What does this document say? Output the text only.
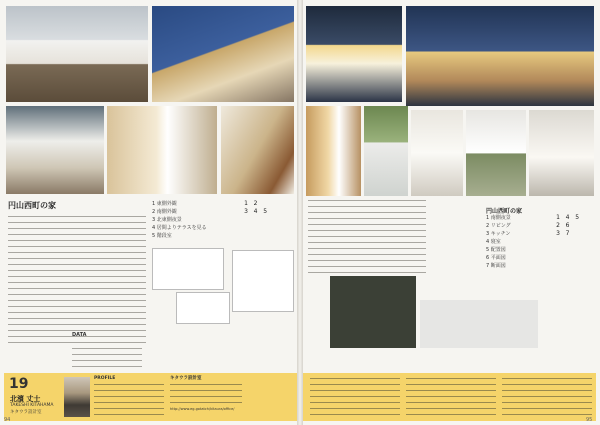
円山西町の家	1 東側外観
2 南側外観
3 北東側夜景
4 居間よりテラスを見る
5 階段室
1 2
3 4 5
DATA
19
北濱 丈士
TAKESHI KITAHAMA
キタウラ設計室
PROFILE	キタウラ設計室
http://www.eg.gotatch/kitaura/office/
94
円山西町の家
1 南側夜景
2 リビング
3 キッチン
4 寝室
5 配置図
6 平面図
7 断面図
1 4 5
2 6
3 7
95
